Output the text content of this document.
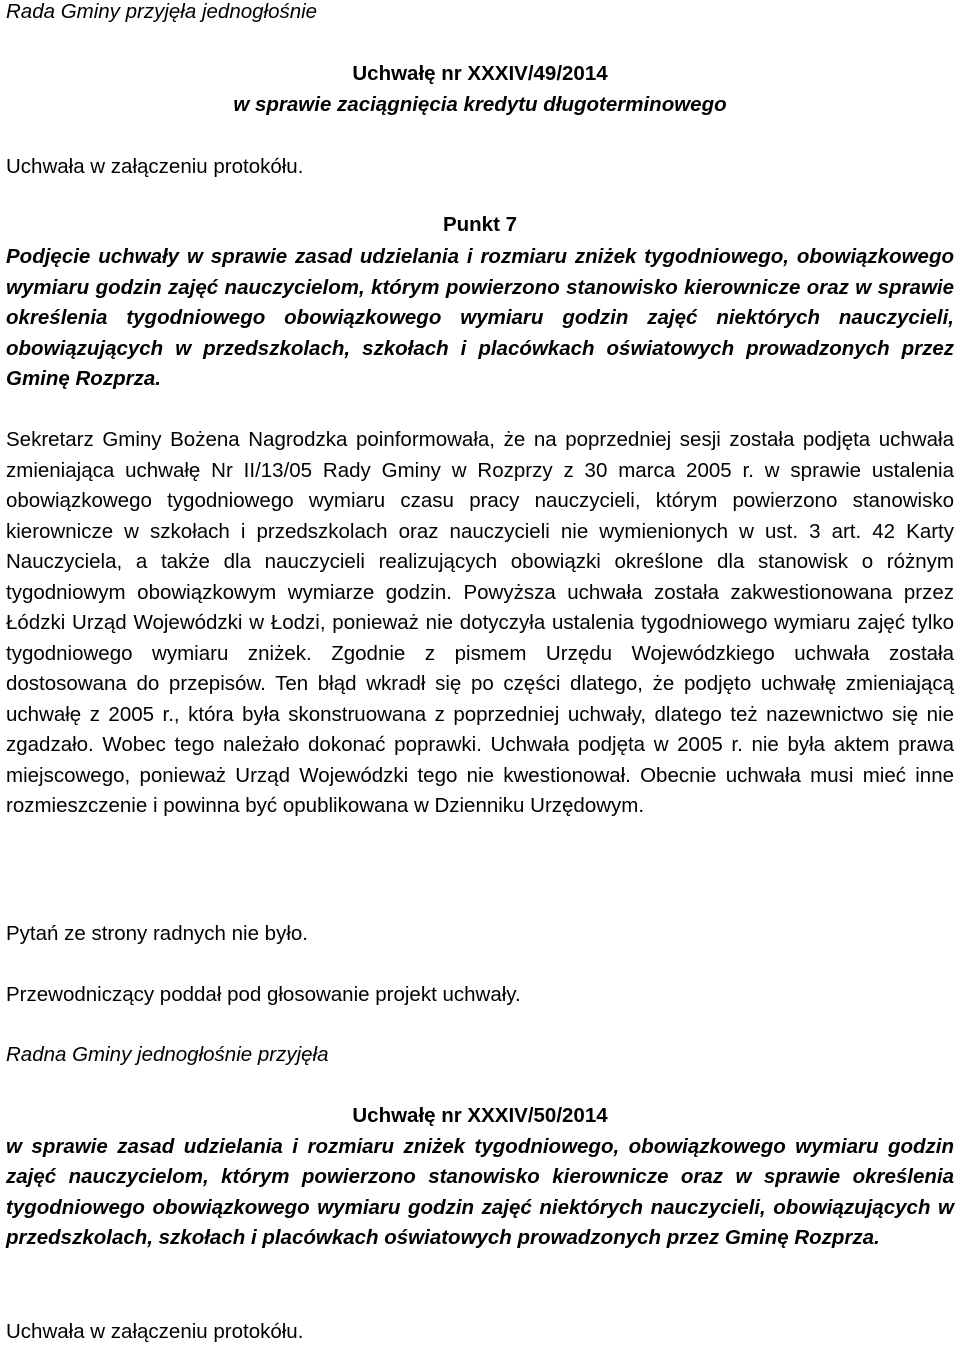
Rada Gminy przyjęła jednogłośnie

Uchwałę nr XXXIV/49/2014

w sprawie zaciągnięcia kredytu długoterminowego

Uchwała w załączeniu protokółu.

Punkt 7

Podjęcie uchwały w sprawie zasad udzielania i rozmiaru zniżek tygodniowego, obowiązkowego wymiaru godzin zajęć nauczycielom, którym powierzono stanowisko kierownicze oraz w sprawie określenia tygodniowego obowiązkowego wymiaru godzin zajęć niektórych nauczycieli, obowiązujących w przedszkolach, szkołach i placówkach oświatowych prowadzonych przez Gminę Rozprza.

Sekretarz Gminy Bożena Nagrodzka poinformowała, że na poprzedniej sesji została podjęta uchwała zmieniająca uchwałę Nr II/13/05 Rady Gminy w Rozprzy z 30 marca 2005 r. w sprawie ustalenia obowiązkowego tygodniowego wymiaru czasu pracy nauczycieli, którym powierzono stanowisko kierownicze w szkołach i przedszkolach oraz nauczycieli nie wymienionych w ust. 3 art. 42 Karty Nauczyciela, a także dla nauczycieli realizujących obowiązki określone dla stanowisk o różnym tygodniowym obowiązkowym wymiarze godzin. Powyższa uchwała została zakwestionowana przez Łódzki Urząd Wojewódzki w Łodzi, ponieważ nie dotyczyła ustalenia tygodniowego wymiaru zajęć tylko tygodniowego wymiaru zniżek. Zgodnie z pismem Urzędu Wojewódzkiego uchwała została dostosowana do przepisów. Ten błąd wkradł się po części dlatego, że podjęto uchwałę zmieniającą uchwałę z 2005 r., która była skonstruowana z poprzedniej uchwały, dlatego też nazewnictwo się nie zgadzało. Wobec tego należało dokonać poprawki. Uchwała podjęta w 2005 r. nie była aktem prawa miejscowego, ponieważ Urząd Wojewódzki tego nie kwestionował. Obecnie uchwała musi mieć inne rozmieszczenie i powinna być opublikowana w Dzienniku Urzędowym.

Pytań ze strony radnych nie było.

Przewodniczący poddał pod głosowanie projekt uchwały.

Radna Gminy jednogłośnie przyjęła

Uchwałę nr XXXIV/50/2014

w sprawie zasad udzielania i rozmiaru zniżek tygodniowego, obowiązkowego wymiaru godzin zajęć nauczycielom, którym powierzono stanowisko kierownicze oraz w sprawie określenia tygodniowego obowiązkowego wymiaru godzin zajęć niektórych nauczycieli, obowiązujących w przedszkolach, szkołach i placówkach oświatowych prowadzonych przez Gminę Rozprza.

Uchwała w załączeniu protokółu.
